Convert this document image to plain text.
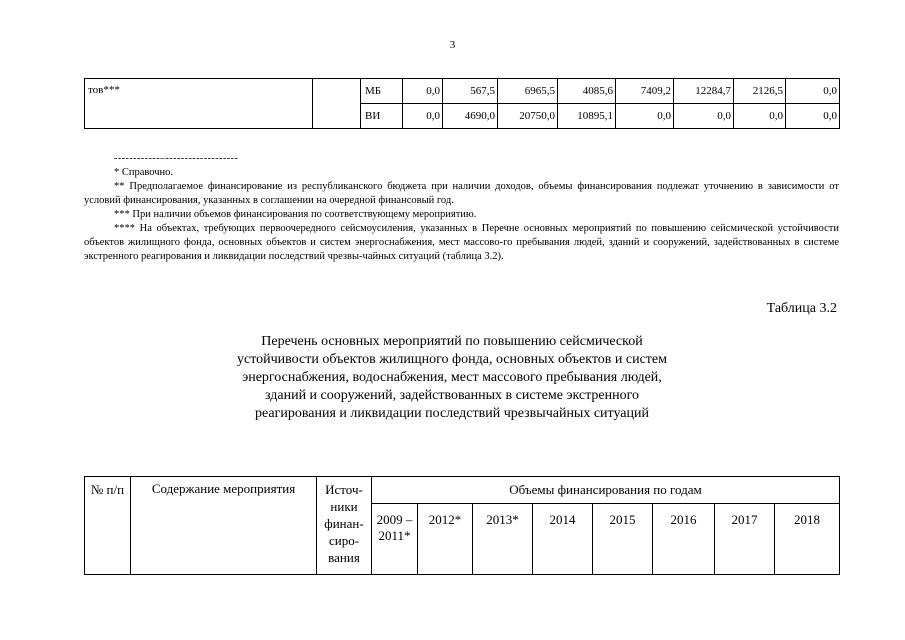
3
тов***		МБ	0,0	567,5	6965,5	4085,6	7409,2	12284,7	2126,5	0,0
		ВИ	0,0	4690,0	20750,0	10895,1	0,0	0,0	0,0	0,0
------------–-------------------

* Справочно.

** Предполагаемое финансирование из республиканского бюджета при наличии доходов, объемы финансирования подлежат уточнению в зависимости от условий финансирования, указанных в соглашении на очередной финансовый год.

*** При наличии объемов финансирования по соответствующему мероприятию.

**** На объектах, требующих первоочередного сейсмоусиления, указанных в Перечне основных мероприятий по повышению сейсмической устойчивости объектов жилищного фонда, основных объектов и систем энергоснабжения, мест массово-го пребывания людей, зданий и сооружений, задействованных в системе экстренного реагирования и ликвидации последствий чрезвы-чайных ситуаций (таблица 3.2).

Таблица 3.2
Перечень основных мероприятий по повышению сейсмической устойчивости объектов жилищного фонда, основных объектов и систем энергоснабжения, водоснабжения, мест массового пребывания людей, зданий и сооружений, задействованных в системе экстренного реагирования и ликвидации последствий чрезвычайных ситуаций
№ п/п	Содержание мероприятия	Источ-ники финан-сиро-вания	Объемы финансирования по годам							
			2009 – 2011*	2012*	2013*	2014	2015	2016	2017	2018
